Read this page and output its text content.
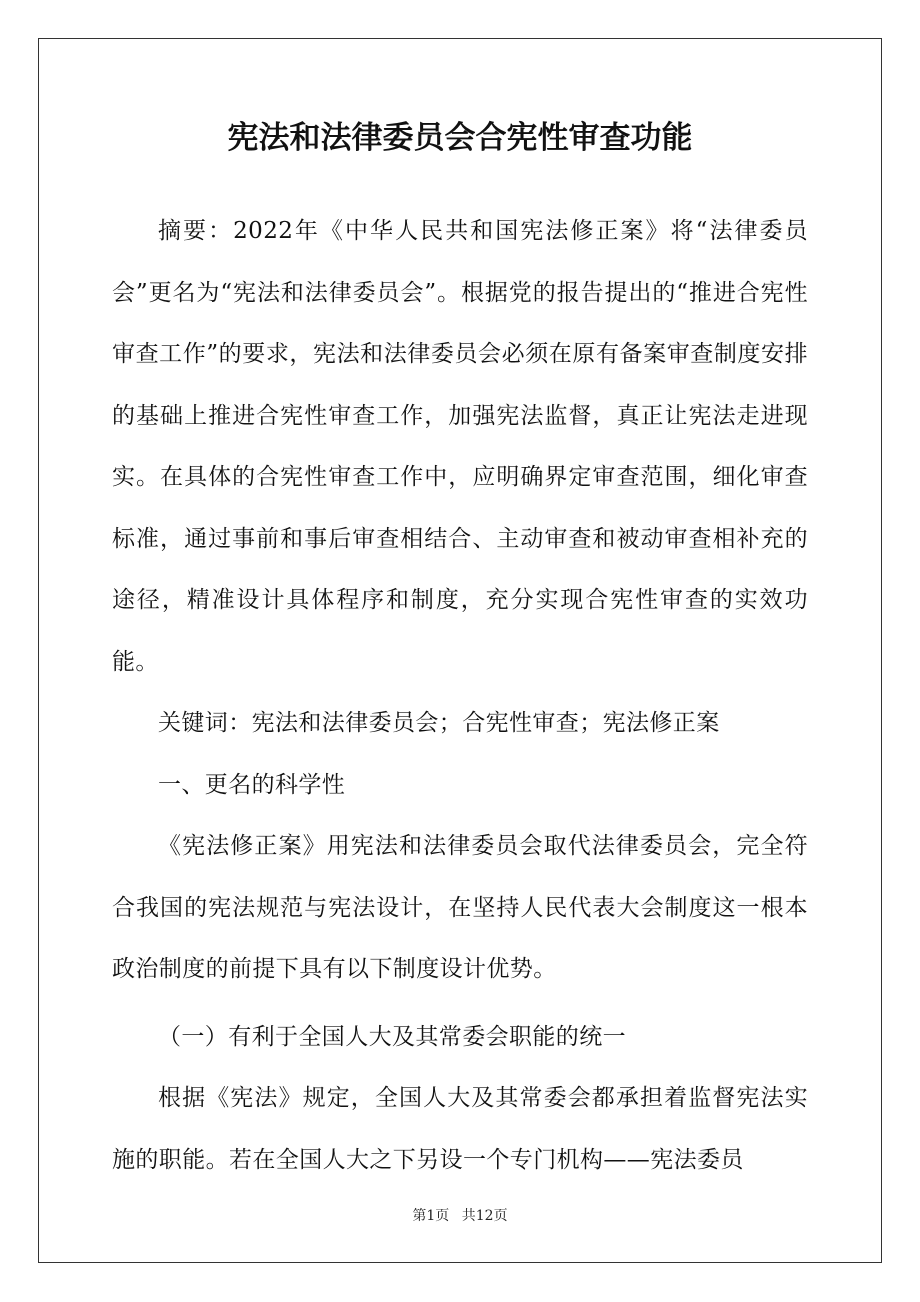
宪法和法律委员会合宪性审查功能

摘要：2022年《中华人民共和国宪法修正案》将“法律委员会”更名为“宪法和法律委员会”。根据党的报告提出的“推进合宪性审查工作”的要求，宪法和法律委员会必须在原有备案审查制度安排的基础上推进合宪性审查工作，加强宪法监督，真正让宪法走进现实。在具体的合宪性审查工作中，应明确界定审查范围，细化审查标准，通过事前和事后审查相结合、主动审查和被动审查相补充的途径，精准设计具体程序和制度，充分实现合宪性审查的实效功能。

关键词：宪法和法律委员会；合宪性审查；宪法修正案

一、更名的科学性

《宪法修正案》用宪法和法律委员会取代法律委员会，完全符合我国的宪法规范与宪法设计，在坚持人民代表大会制度这一根本政治制度的前提下具有以下制度设计优势。

（一）有利于全国人大及其常委会职能的统一

根据《宪法》规定，全国人大及其常委会都承担着监督宪法实施的职能。若在全国人大之下另设一个专门机构——宪法委员

第1页 共12页
